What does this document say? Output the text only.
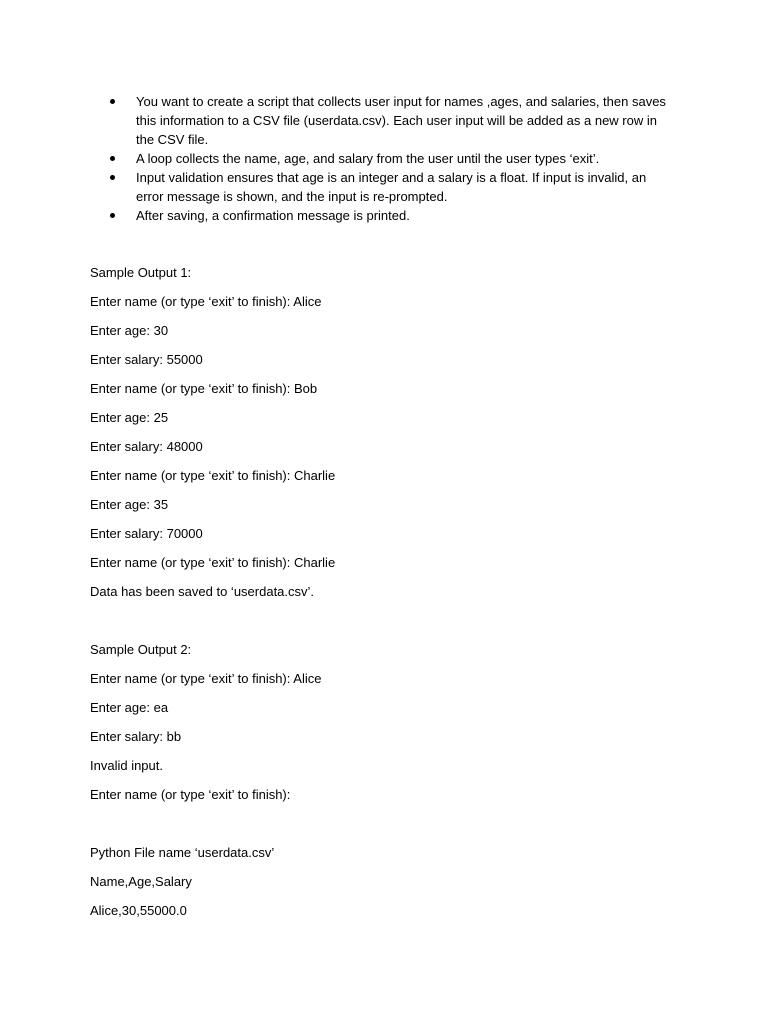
You want to create a script that collects user input for names ,ages, and salaries, then saves this information to a CSV file (userdata.csv). Each user input will be added as a new row in the CSV file.
A loop collects the name, age, and salary from the user until the user types ‘exit’.
Input validation ensures that age is an integer and a salary is a float. If input is invalid, an error message is shown, and the input is re-prompted.
After saving, a confirmation message is printed.
Sample Output 1:
Enter name (or type ‘exit’ to finish): Alice
Enter age: 30
Enter salary: 55000
Enter name (or type ‘exit’ to finish): Bob
Enter age: 25
Enter salary: 48000
Enter name (or type ‘exit’ to finish): Charlie
Enter age: 35
Enter salary: 70000
Enter name (or type ‘exit’ to finish): Charlie
Data has been saved to ‘userdata.csv’.
Sample Output 2:
Enter name (or type ‘exit’ to finish): Alice
Enter age: ea
Enter salary: bb
Invalid input.
Enter name (or type ‘exit’ to finish):
Python File name ‘userdata.csv’
Name,Age,Salary
Alice,30,55000.0
